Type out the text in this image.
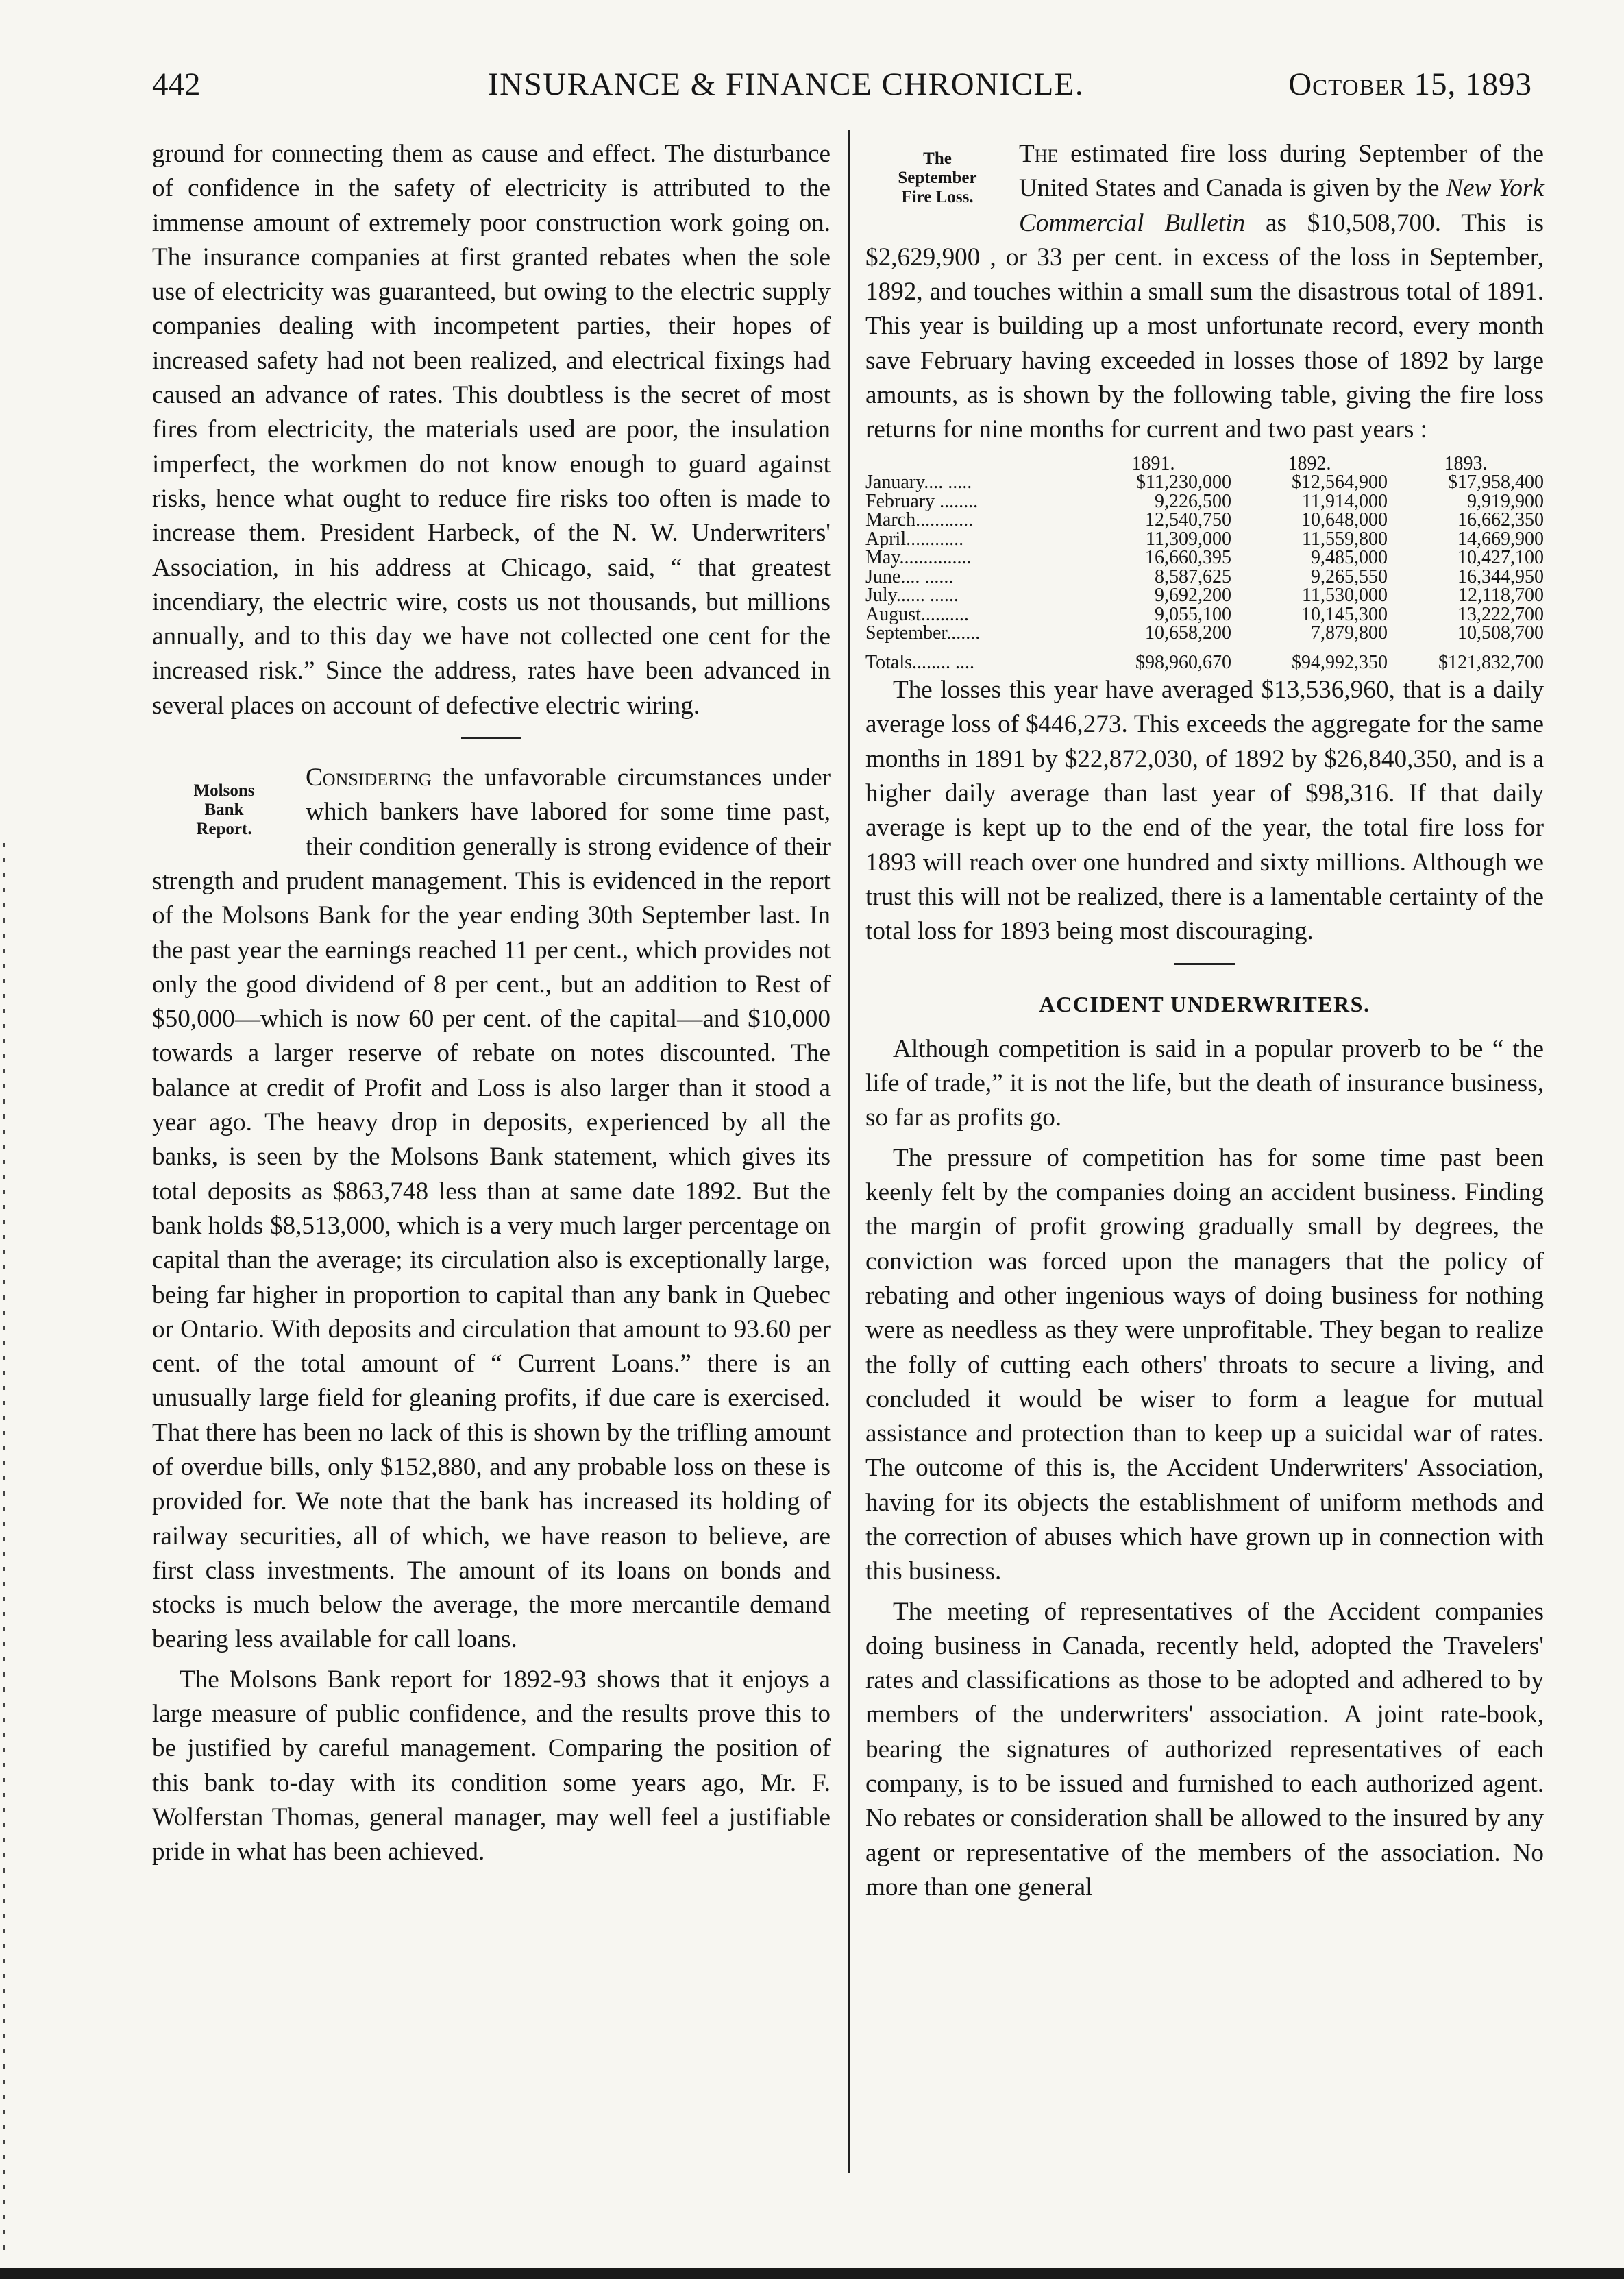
442	INSURANCE & FINANCE CHRONICLE.	October 15, 1893

ground for connecting them as cause and effect. The disturbance of confidence in the safety of electricity is attributed to the immense amount of extremely poor construction work going on. The insurance companies at first granted rebates when the sole use of electricity was guaranteed, but owing to the electric supply companies dealing with incompetent parties, their hopes of increased safety had not been realized, and electrical fixings had caused an advance of rates. This doubtless is the secret of most fires from electricity, the materials used are poor, the insulation imperfect, the workmen do not know enough to guard against risks, hence what ought to reduce fire risks too often is made to increase them. President Harbeck, of the N. W. Underwriters' Association, in his address at Chicago, said, “ that greatest incendiary, the electric wire, costs us not thousands, but millions annually, and to this day we have not collected one cent for the increased risk.” Since the address, rates have been advanced in several places on account of defective electric wiring.

Molsons
Bank
Report.

Considering the unfavorable circumstances under which bankers have labored for some time past, their condition generally is strong evidence of their strength and prudent management. This is evidenced in the report of the Molsons Bank for the year ending 30th September last. In the past year the earnings reached 11 per cent., which provides not only the good dividend of 8 per cent., but an addition to Rest of $50,000—which is now 60 per cent. of the capital—and $10,000 towards a larger reserve of rebate on notes discounted. The balance at credit of Profit and Loss is also larger than it stood a year ago. The heavy drop in deposits, experienced by all the banks, is seen by the Molsons Bank statement, which gives its total deposits as $863,748 less than at same date 1892. But the bank holds $8,513,000, which is a very much larger percentage on capital than the average; its circulation also is exceptionally large, being far higher in proportion to capital than any bank in Quebec or Ontario. With deposits and circulation that amount to 93.60 per cent. of the total amount of “ Current Loans.” there is an unusually large field for gleaning profits, if due care is exercised. That there has been no lack of this is shown by the trifling amount of overdue bills, only $152,880, and any probable loss on these is provided for. We note that the bank has increased its holding of railway securities, all of which, we have reason to believe, are first class investments. The amount of its loans on bonds and stocks is much below the average, the more mercantile demand bearing less available for call loans.

The Molsons Bank report for 1892-93 shows that it enjoys a large measure of public confidence, and the results prove this to be justified by careful management. Comparing the position of this bank to-day with its condition some years ago, Mr. F. Wolferstan Thomas, general manager, may well feel a justifiable pride in what has been achieved.

The
September
Fire Loss.

The estimated fire loss during September of the United States and Canada is given by the New York Commercial Bulletin as $10,508,700. This is $2,629,900 , or 33 per cent. in excess of the loss in September, 1892, and touches within a small sum the disastrous total of 1891. This year is building up a most unfortunate record, every month save February having exceeded in losses those of 1892 by large amounts, as is shown by the following table, giving the fire loss returns for nine months for current and two past years :

1891.	1892.	1893.
January.... .....	$11,230,000	$12,564,900	$17,958,400
February ........	9,226,500	11,914,000	9,919,900
March............	12,540,750	10,648,000	16,662,350
April............	11,309,000	11,559,800	14,669,900
May...............	16,660,395	9,485,000	10,427,100
June.... ......	8,587,625	9,265,550	16,344,950
July...... ......	9,692,200	11,530,000	12,118,700
August..........	9,055,100	10,145,300	13,222,700
September.......	10,658,200	7,879,800	10,508,700
Totals........ ....	$98,960,670	$94,992,350	$121,832,700

The losses this year have averaged $13,536,960, that is a daily average loss of $446,273. This exceeds the aggregate for the same months in 1891 by $22,872,030, of 1892 by $26,840,350, and is a higher daily average than last year of $98,316. If that daily average is kept up to the end of the year, the total fire loss for 1893 will reach over one hundred and sixty millions. Although we trust this will not be realized, there is a lamentable certainty of the total loss for 1893 being most discouraging.

ACCIDENT UNDERWRITERS.

Although competition is said in a popular proverb to be “ the life of trade,” it is not the life, but the death of insurance business, so far as profits go.

The pressure of competition has for some time past been keenly felt by the companies doing an accident business. Finding the margin of profit growing gradually small by degrees, the conviction was forced upon the managers that the policy of rebating and other ingenious ways of doing business for nothing were as needless as they were unprofitable. They began to realize the folly of cutting each others' throats to secure a living, and concluded it would be wiser to form a league for mutual assistance and protection than to keep up a suicidal war of rates. The outcome of this is, the Accident Underwriters' Association, having for its objects the establishment of uniform methods and the correction of abuses which have grown up in connection with this business.

The meeting of representatives of the Accident companies doing business in Canada, recently held, adopted the Travelers' rates and classifications as those to be adopted and adhered to by members of the underwriters' association. A joint rate-book, bearing the signatures of authorized representatives of each company, is to be issued and furnished to each authorized agent. No rebates or consideration shall be allowed to the insured by any agent or representative of the members of the association. No more than one general
